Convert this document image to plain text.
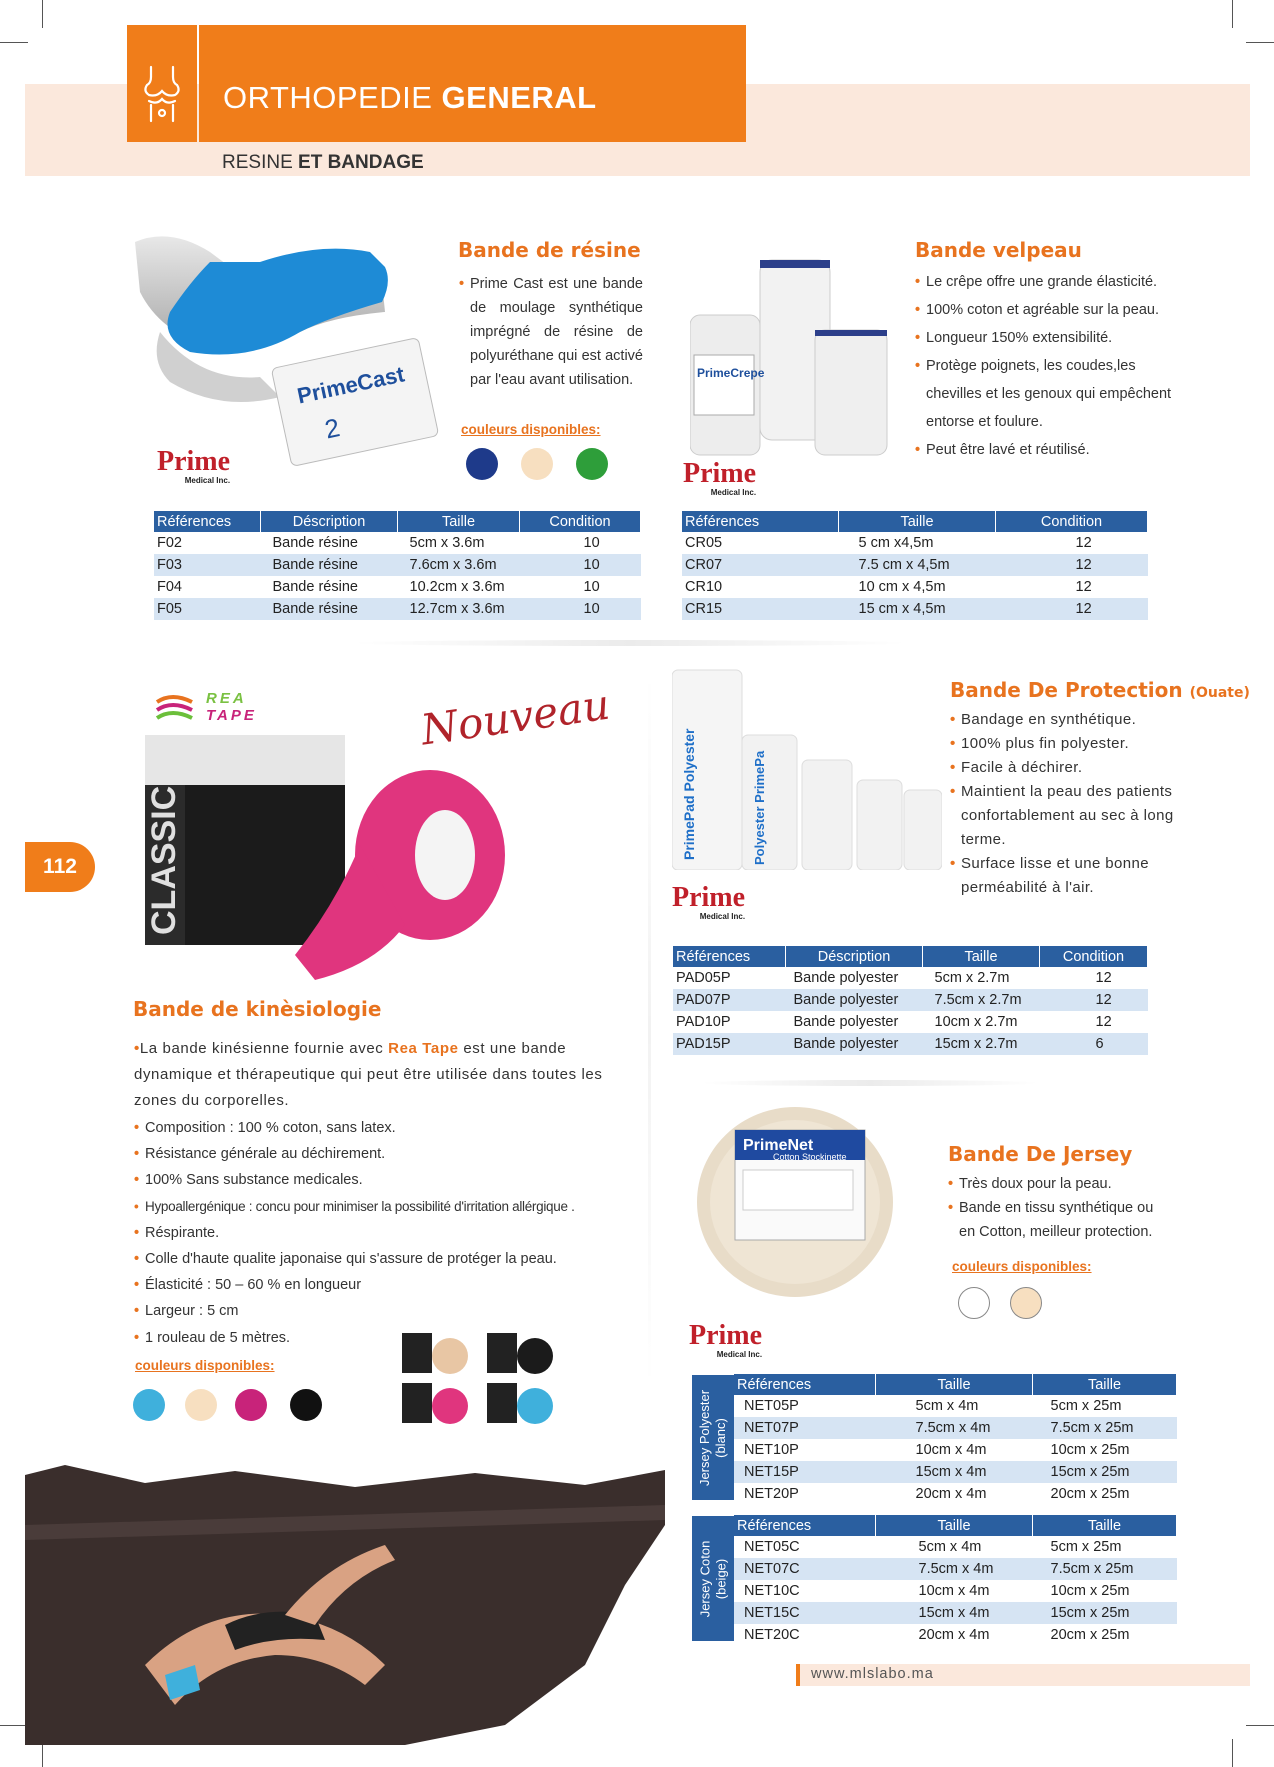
ORTHOPEDIE GENERAL
RESINE ET BANDAGE
PrimeCast
2
Prime
Medical Inc.
Bande de résine
• Prime Cast est une bande de moulage synthétique imprégné de résine de polyuréthane qui est activé par l'eau avant utilisation.
couleurs disponibles:
Références	Déscription	Taille	Condition
F02	Bande résine	5cm x 3.6m	10
F03	Bande résine	7.6cm x 3.6m	10
F04	Bande résine	10.2cm x 3.6m	10
F05	Bande résine	12.7cm x 3.6m	10
PrimeCrepe
Prime
Medical Inc.
Bande velpeau
• Le crêpe offre une grande élasticité.
• 100% coton et agréable sur la peau.
• Longueur 150% extensibilité.
• Protège poignets, les coudes,les chevilles et les genoux qui empêchent entorse et foulure.
• Peut être lavé et réutilisé.
Références	Taille	Condition
CR05	5 cm x4,5m	12
CR07	7.5 cm x 4,5m	12
CR10	10 cm x 4,5m	12
CR15	15 cm x 4,5m	12
REA
TAPE	Nouveau
CLASSIC
Bande de kinèsiologie
•La bande kinésienne fournie avec Rea Tape est une bande dynamique et thérapeutique qui peut être utilisée dans toutes les zones du corporelles.
• Composition : 100 % coton, sans latex.
• Résistance générale au déchirement.
• 100% Sans substance medicales.
• Hypoallergénique : concu pour minimiser la possibilité d'irritation allérgique .
• Réspirante.
• Colle d'haute qualite japonaise qui s'assure de protéger la peau.
• Élasticité : 50 – 60 % en longueur
• Largeur : 5 cm
• 1 rouleau de 5 mètres.
couleurs disponibles:
112
PrimePad Polyester	Polyester PrimePa
Prime
Medical Inc.
Bande De Protection (Ouate)
• Bandage en synthétique.
• 100% plus fin polyester.
• Facile à déchirer.
• Maintient la peau des patients confortablement au sec à long terme.
• Surface lisse et une bonne perméabilité à l'air.
Références	Déscription	Taille	Condition
PAD05P	Bande polyester	5cm x 2.7m	12
PAD07P	Bande polyester	7.5cm x 2.7m	12
PAD10P	Bande polyester	10cm x 2.7m	12
PAD15P	Bande polyester	15cm x 2.7m	6
PrimeNet
Cotton Stockinette
Prime
Medical Inc.
Bande De Jersey
• Très doux pour la peau.
• Bande en tissu synthétique ou en Cotton, meilleur protection.
couleurs disponibles:
Jersey Polyester
(blanc)
Références	Taille	Taille
NET05P	5cm x 4m	5cm x 25m
NET07P	7.5cm x 4m	7.5cm x 25m
NET10P	10cm x 4m	10cm x 25m
NET15P	15cm x 4m	15cm x 25m
NET20P	20cm x 4m	20cm x 25m
Jersey Coton
(beige)
Références	Taille	Taille
NET05C	5cm x 4m	5cm x 25m
NET07C	7.5cm x 4m	7.5cm x 25m
NET10C	10cm x 4m	10cm x 25m
NET15C	15cm x 4m	15cm x 25m
NET20C	20cm x 4m	20cm x 25m
www.mlslabo.ma
